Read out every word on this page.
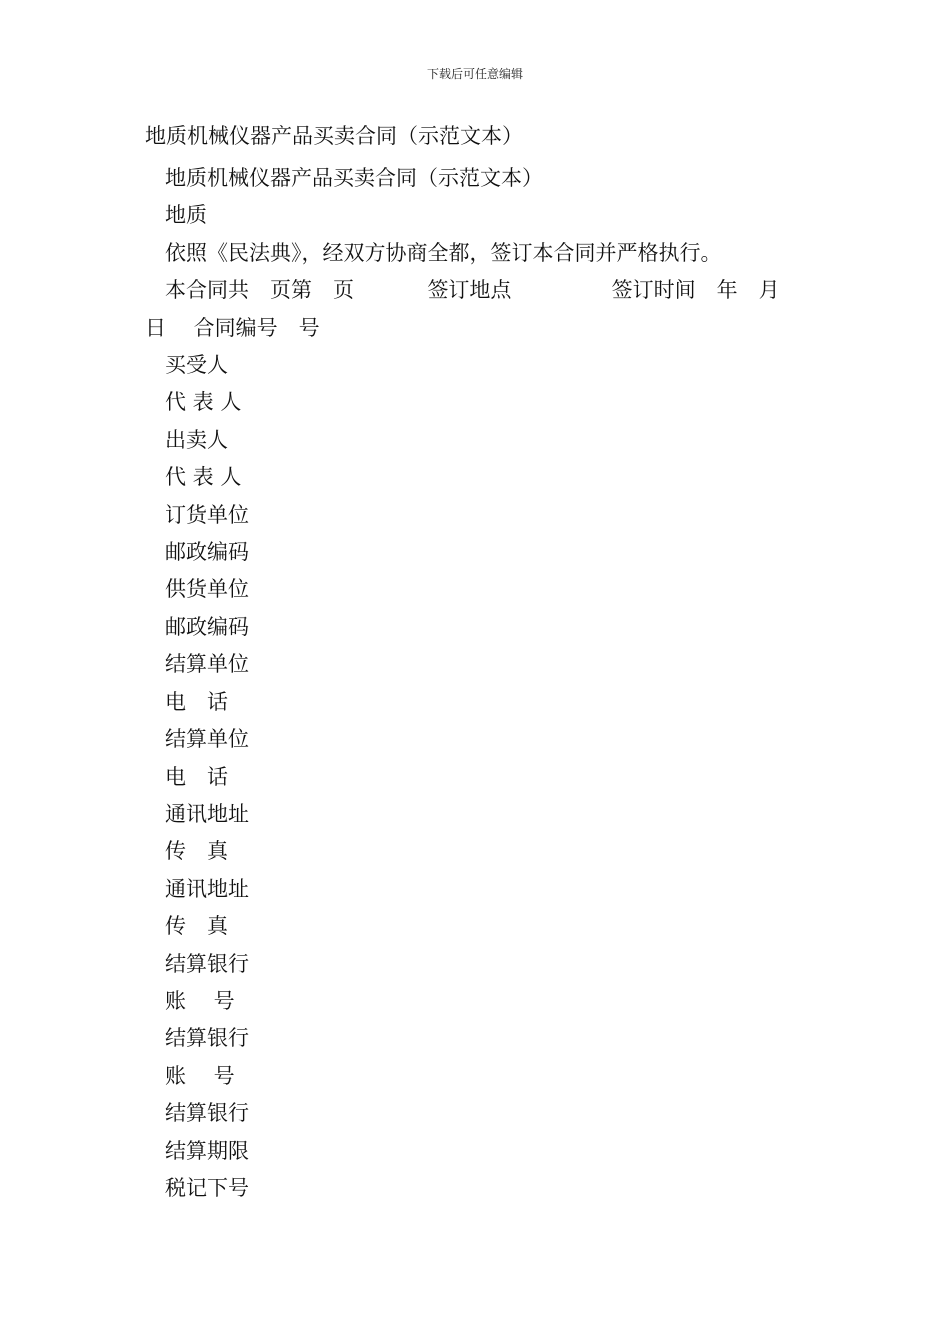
下载后可任意编辑
地质机械仪器产品买卖合同（示范文本）

地质机械仪器产品买卖合同（示范文本）

地质

依照《民法典》，经双方协商全都，签订本合同并严格执行。

本合同共　页第　页	签订地点	签订时间　年　月
日　 合同编号　号

买受人

代 表 人

出卖人

代 表 人

订货单位

邮政编码

供货单位

邮政编码

结算单位

电　话

结算单位

电　话

通讯地址

传　真

通讯地址

传　真

结算银行

账　 号

结算银行

账　 号

结算银行

结算期限

税记下号
